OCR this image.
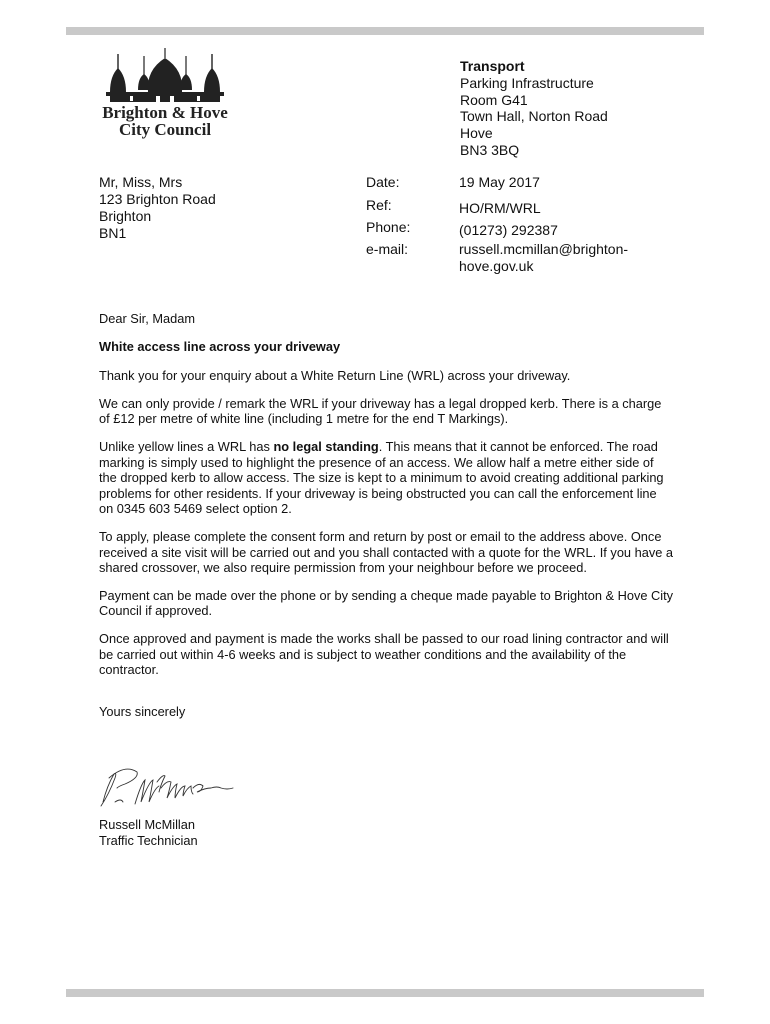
Brighton & Hove
City Council
Transport
Parking Infrastructure
Room G41
Town Hall, Norton Road
Hove
BN3 3BQ
Mr, Miss, Mrs
123 Brighton Road
Brighton
BN1
Date:	19 May 2017
Ref:	HO/RM/WRL
Phone:	(01273) 292387
e-mail:	russell.mcmillan@brighton-
hove.gov.uk

Dear Sir, Madam

White access line across your driveway

Thank you for your enquiry about a White Return Line (WRL) across your driveway.

We can only provide / remark the WRL if your driveway has a legal dropped kerb. There is a charge of £12 per metre of white line (including 1 metre for the end T Markings).

Unlike yellow lines a WRL has no legal standing. This means that it cannot be enforced. The road marking is simply used to highlight the presence of an access. We allow half a metre either side of the dropped kerb to allow access. The size is kept to a minimum to avoid creating additional parking problems for other residents. If your driveway is being obstructed you can call the enforcement line on 0345 603 5469 select option 2.

To apply, please complete the consent form and return by post or email to the address above. Once received a site visit will be carried out and you shall contacted with a quote for the WRL. If you have a shared crossover, we also require permission from your neighbour before we proceed.

Payment can be made over the phone or by sending a cheque made payable to Brighton & Hove City Council if approved.

Once approved and payment is made the works shall be passed to our road lining contractor and will be carried out within 4-6 weeks and is subject to weather conditions and the availability of the contractor.

Yours sincerely

Russell McMillan
Traffic Technician
